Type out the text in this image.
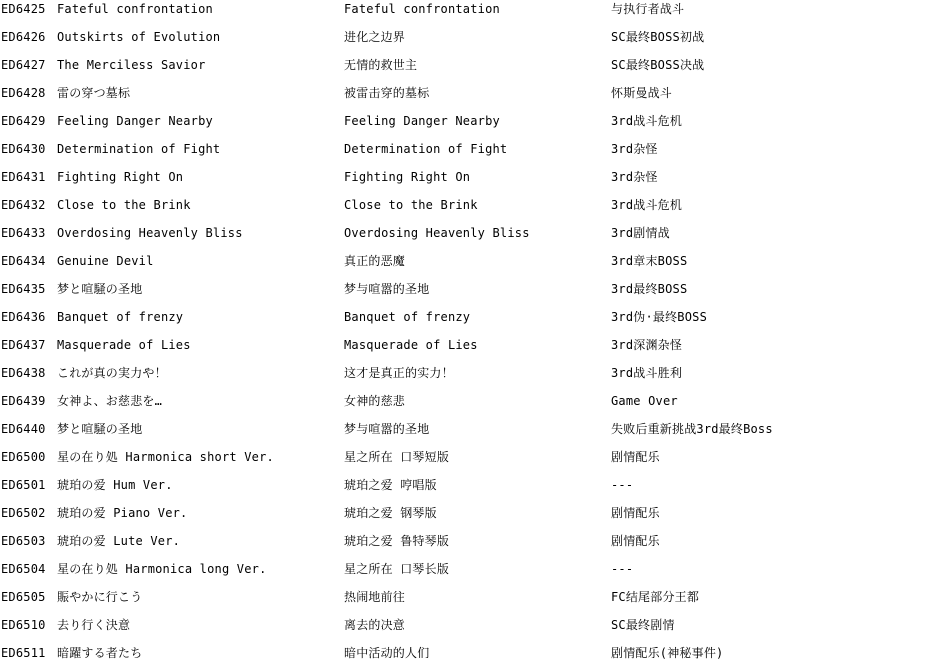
ED6425 Fateful confrontation	Fateful confrontation	与执行者战斗
ED6426 Outskirts of Evolution	进化之边界	SC最终BOSS初战
ED6427 The Merciless Savior	无情的救世主	SC最终BOSS决战
ED6428 雷の穿つ墓标	被雷击穿的墓标	怀斯曼战斗
ED6429 Feeling Danger Nearby	Feeling Danger Nearby	3rd战斗危机
ED6430 Determination of Fight	Determination of Fight	3rd杂怪
ED6431 Fighting Right On	Fighting Right On	3rd杂怪
ED6432 Close to the Brink	Close to the Brink	3rd战斗危机
ED6433 Overdosing Heavenly Bliss	Overdosing Heavenly Bliss	3rd剧情战
ED6434 Genuine Devil	真正的恶魔	3rd章末BOSS
ED6435 梦と喧騒の圣地	梦与喧嚣的圣地	3rd最终BOSS
ED6436 Banquet of frenzy	Banquet of frenzy	3rd伪·最终BOSS
ED6437 Masquerade of Lies	Masquerade of Lies	3rd深渊杂怪
ED6438 これが真の実力や！	这才是真正的实力！	3rd战斗胜利
ED6439 女神よ、お慈悲を…	女神的慈悲	Game Over
ED6440 梦と喧騒の圣地	梦与喧嚣的圣地	失败后重新挑战3rd最终Boss
ED6500 星の在り処 Harmonica short Ver.	星之所在 口琴短版	剧情配乐
ED6501 琥珀の爱 Hum Ver.	琥珀之爱 哼唱版	---
ED6502 琥珀の爱 Piano Ver.	琥珀之爱 钢琴版	剧情配乐
ED6503 琥珀の爱 Lute Ver.	琥珀之爱 鲁特琴版	剧情配乐
ED6504 星の在り処 Harmonica long Ver.	星之所在 口琴长版	---
ED6505 賑やかに行こう	热闹地前往	FC结尾部分王都
ED6510 去り行く決意	离去的决意	SC最终剧情
ED6511 暗躍する者たち	暗中活动的人们	剧情配乐(神秘事件)
